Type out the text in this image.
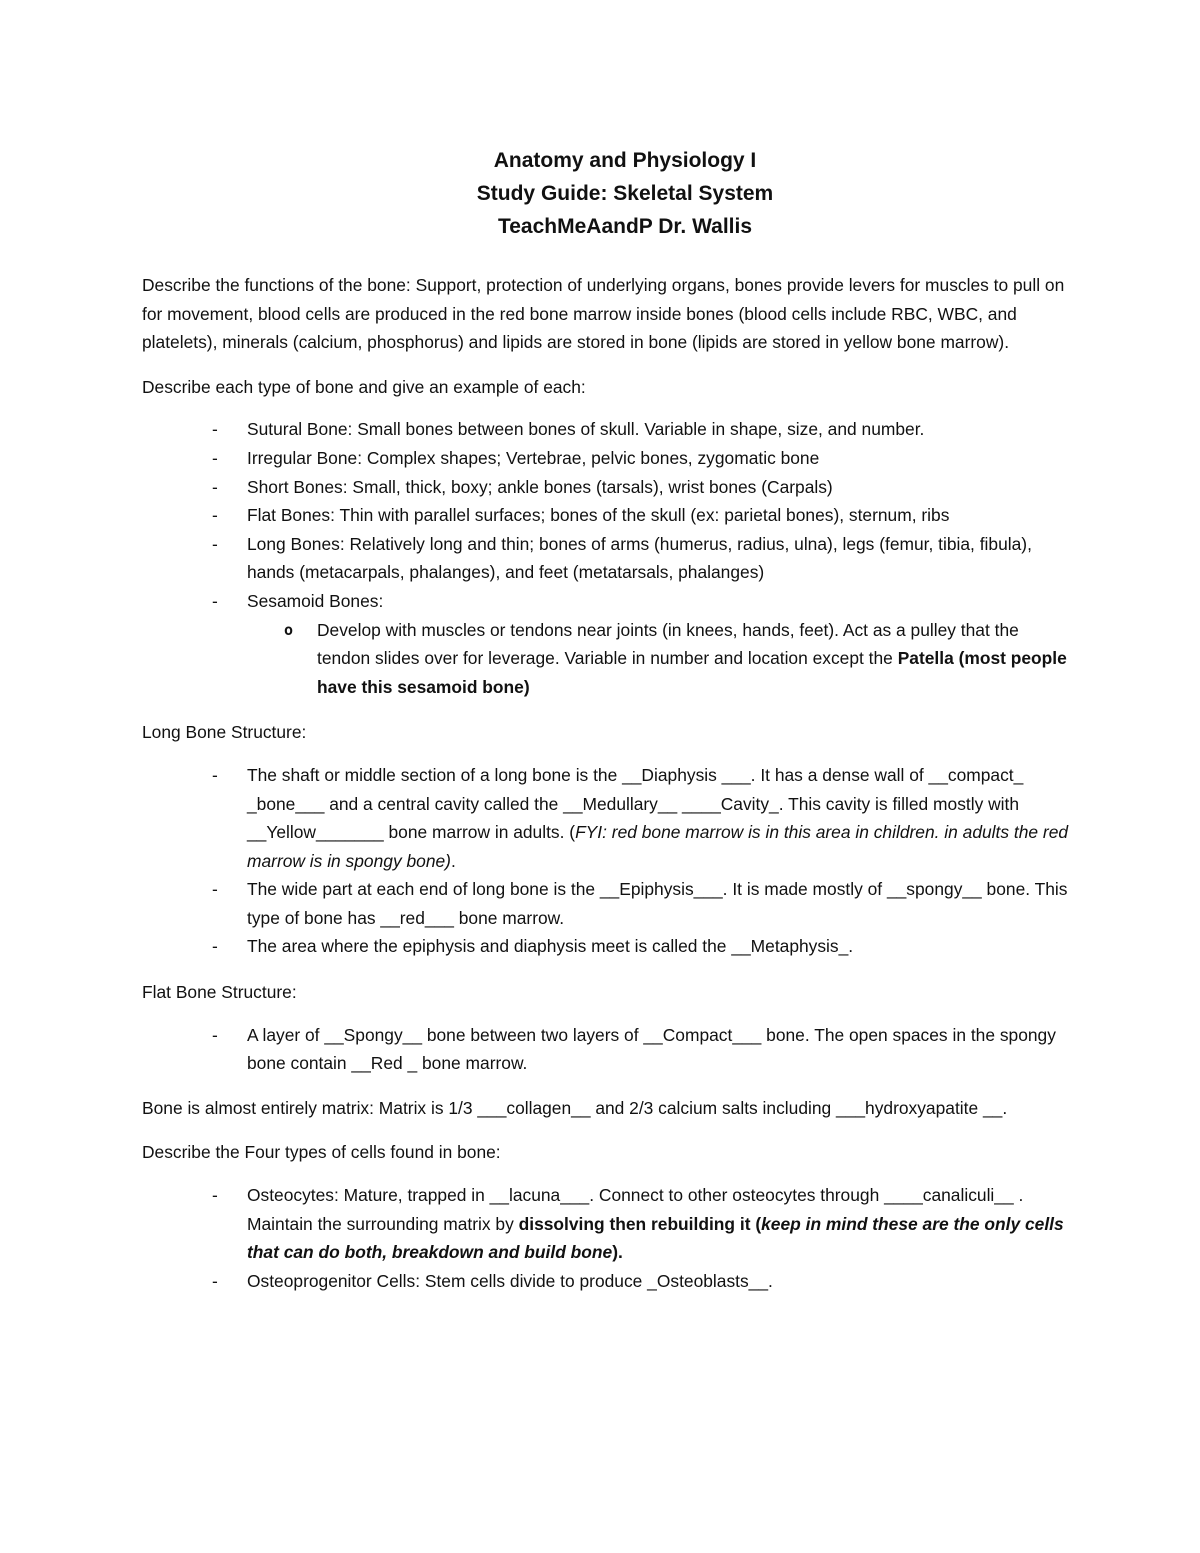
Anatomy and Physiology I
Study Guide: Skeletal System
TeachMeAandP Dr. Wallis

Describe the functions of the bone: Support, protection of underlying organs, bones provide levers for muscles to pull on for movement, blood cells are produced in the red bone marrow inside bones (blood cells include RBC, WBC, and platelets), minerals (calcium, phosphorus) and lipids are stored in bone (lipids are stored in yellow bone marrow).

Describe each type of bone and give an example of each:

- Sutural Bone: Small bones between bones of skull. Variable in shape, size, and number.
- Irregular Bone: Complex shapes; Vertebrae, pelvic bones, zygomatic bone
- Short Bones: Small, thick, boxy; ankle bones (tarsals), wrist bones (Carpals)
- Flat Bones: Thin with parallel surfaces; bones of the skull (ex: parietal bones), sternum, ribs
- Long Bones: Relatively long and thin; bones of arms (humerus, radius, ulna), legs (femur, tibia, fibula), hands (metacarpals, phalanges), and feet (metatarsals, phalanges)
- Sesamoid Bones:
o Develop with muscles or tendons near joints (in knees, hands, feet). Act as a pulley that the tendon slides over for leverage. Variable in number and location except the Patella (most people have this sesamoid bone)

Long Bone Structure:

- The shaft or middle section of a long bone is the __Diaphysis ___. It has a dense wall of __compact_ _bone___ and a central cavity called the __Medullary__ ____Cavity_. This cavity is filled mostly with __Yellow_______ bone marrow in adults. (FYI: red bone marrow is in this area in children. in adults the red marrow is in spongy bone).
- The wide part at each end of long bone is the __Epiphysis___. It is made mostly of __spongy__ bone. This type of bone has __red___ bone marrow.
- The area where the epiphysis and diaphysis meet is called the __Metaphysis_.

Flat Bone Structure:

- A layer of __Spongy__ bone between two layers of __Compact___ bone. The open spaces in the spongy bone contain __Red _ bone marrow.

Bone is almost entirely matrix: Matrix is 1/3 ___collagen__ and 2/3 calcium salts including ___hydroxyapatite __.

Describe the Four types of cells found in bone:

- Osteocytes: Mature, trapped in __lacuna___. Connect to other osteocytes through ____canaliculi__ . Maintain the surrounding matrix by dissolving then rebuilding it (keep in mind these are the only cells that can do both, breakdown and build bone).
- Osteoprogenitor Cells: Stem cells divide to produce _Osteoblasts__.
